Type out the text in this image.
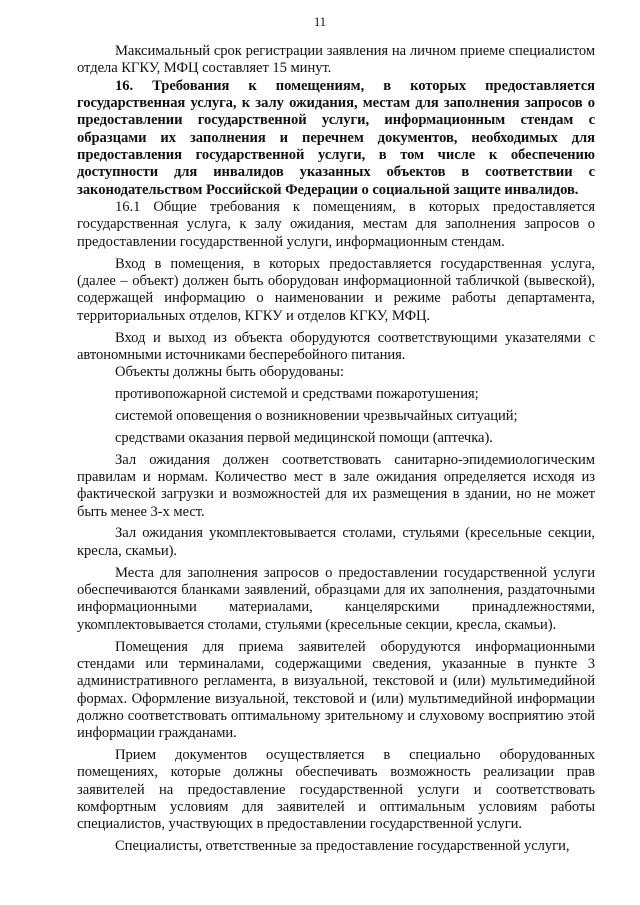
11

Максимальный срок регистрации заявления на личном приеме специалистом отдела КГКУ, МФЦ составляет 15 минут.

16. Требования к помещениям, в которых предоставляется государственная услуга, к залу ожидания, местам для заполнения запросов о предоставлении государственной услуги, информационным стендам с образцами их заполнения и перечнем документов, необходимых для предоставления государственной услуги, в том числе к обеспечению доступности для инвалидов указанных объектов в соответствии с законодательством Российской Федерации о социальной защите инвалидов.

16.1 Общие требования к помещениям, в которых предоставляется государственная услуга, к залу ожидания, местам для заполнения запросов о предоставлении государственной услуги, информационным стендам.

Вход в помещения, в которых предоставляется государственная услуга, (далее – объект) должен быть оборудован информационной табличкой (вывеской), содержащей информацию о наименовании и режиме работы департамента, территориальных отделов, КГКУ и отделов КГКУ, МФЦ.

Вход и выход из объекта оборудуются соответствующими указателями с автономными источниками бесперебойного питания.

Объекты должны быть оборудованы:

противопожарной системой и средствами пожаротушения;

системой оповещения о возникновении чрезвычайных ситуаций;

средствами оказания первой медицинской помощи (аптечка).

Зал ожидания должен соответствовать санитарно-эпидемиологическим правилам и нормам. Количество мест в зале ожидания определяется исходя из фактической загрузки и возможностей для их размещения в здании, но не может быть менее 3-х мест.

Зал ожидания укомплектовывается столами, стульями (кресельные секции, кресла, скамьи).

Места для заполнения запросов о предоставлении государственной услуги обеспечиваются бланками заявлений, образцами для их заполнения, раздаточными информационными материалами, канцелярскими принадлежностями, укомплектовывается столами, стульями (кресельные секции, кресла, скамьи).

Помещения для приема заявителей оборудуются информационными стендами или терминалами, содержащими сведения, указанные в пункте 3 административного регламента, в визуальной, текстовой и (или) мультимедийной формах. Оформление визуальной, текстовой и (или) мультимедийной информации должно соответствовать оптимальному зрительному и слуховому восприятию этой информации гражданами.

Прием документов осуществляется в специально оборудованных помещениях, которые должны обеспечивать возможность реализации прав заявителей на предоставление государственной услуги и соответствовать комфортным условиям для заявителей и оптимальным условиям работы специалистов, участвующих в предоставлении государственной услуги.

Специалисты, ответственные за предоставление государственной услуги,
